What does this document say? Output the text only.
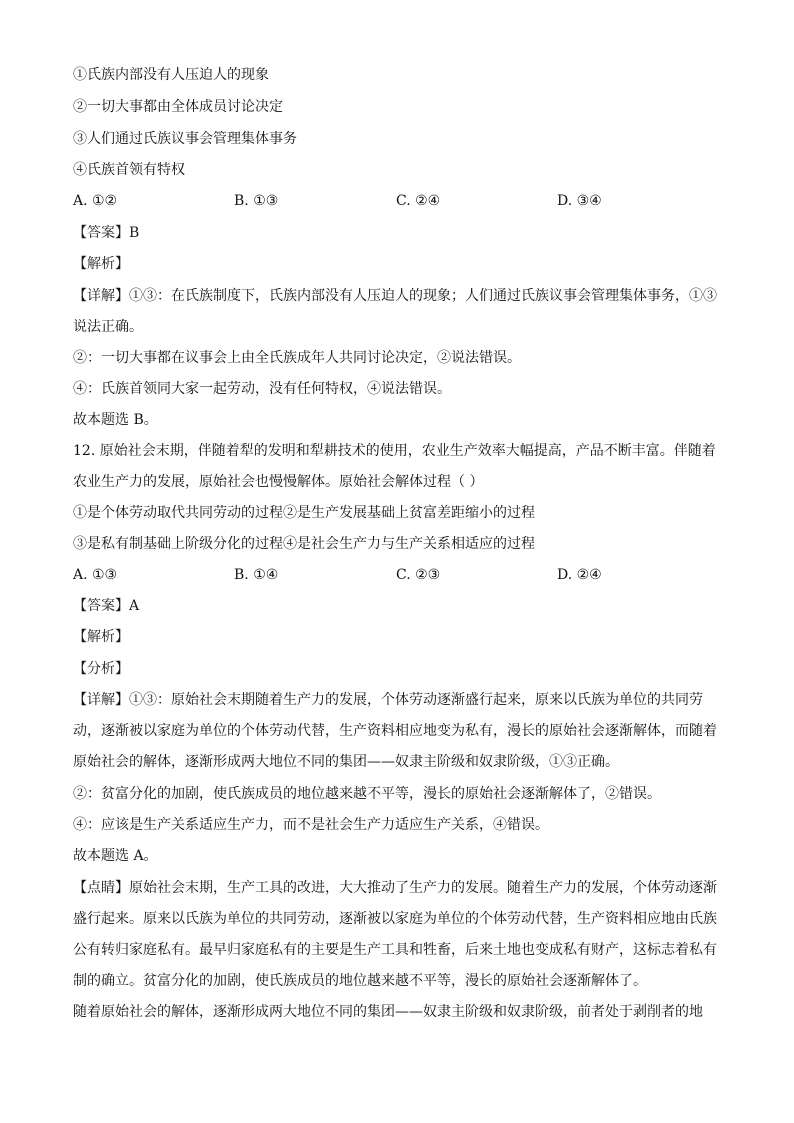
①氏族内部没有人压迫人的现象
②一切大事都由全体成员讨论决定
③人们通过氏族议事会管理集体事务
④氏族首领有特权
A. ①②	B. ①③	C. ②④	D. ③④
【答案】B
【解析】
【详解】①③：在氏族制度下，氏族内部没有人压迫人的现象；人们通过氏族议事会管理集体事务，①③
说法正确。
②：一切大事都在议事会上由全氏族成年人共同讨论决定，②说法错误。
④：氏族首领同大家一起劳动，没有任何特权，④说法错误。
故本题选 B。
12. 原始社会末期，伴随着犁的发明和犁耕技术的使用，农业生产效率大幅提高，产品不断丰富。伴随着
农业生产力的发展，原始社会也慢慢解体。原始社会解体过程（ ）
①是个体劳动取代共同劳动的过程②是生产发展基础上贫富差距缩小的过程
③是私有制基础上阶级分化的过程④是社会生产力与生产关系相适应的过程
A. ①③	B. ①④	C. ②③	D. ②④
【答案】A
【解析】
【分析】
【详解】①③：原始社会末期随着生产力的发展，个体劳动逐渐盛行起来，原来以氏族为单位的共同劳
动，逐渐被以家庭为单位的个体劳动代替，生产资料相应地变为私有，漫长的原始社会逐渐解体，而随着
原始社会的解体，逐渐形成两大地位不同的集团——奴隶主阶级和奴隶阶级，①③正确。
②：贫富分化的加剧，使氏族成员的地位越来越不平等，漫长的原始社会逐渐解体了，②错误。
④：应该是生产关系适应生产力，而不是社会生产力适应生产关系，④错误。
故本题选 A。
【点睛】原始社会末期，生产工具的改进，大大推动了生产力的发展。随着生产力的发展，个体劳动逐渐
盛行起来。原来以氏族为单位的共同劳动，逐渐被以家庭为单位的个体劳动代替，生产资料相应地由氏族
公有转归家庭私有。最早归家庭私有的主要是生产工具和牲畜，后来土地也变成私有财产，这标志着私有
制的确立。贫富分化的加剧，使氏族成员的地位越来越不平等，漫长的原始社会逐渐解体了。
随着原始社会的解体，逐渐形成两大地位不同的集团——奴隶主阶级和奴隶阶级，前者处于剥削者的地
